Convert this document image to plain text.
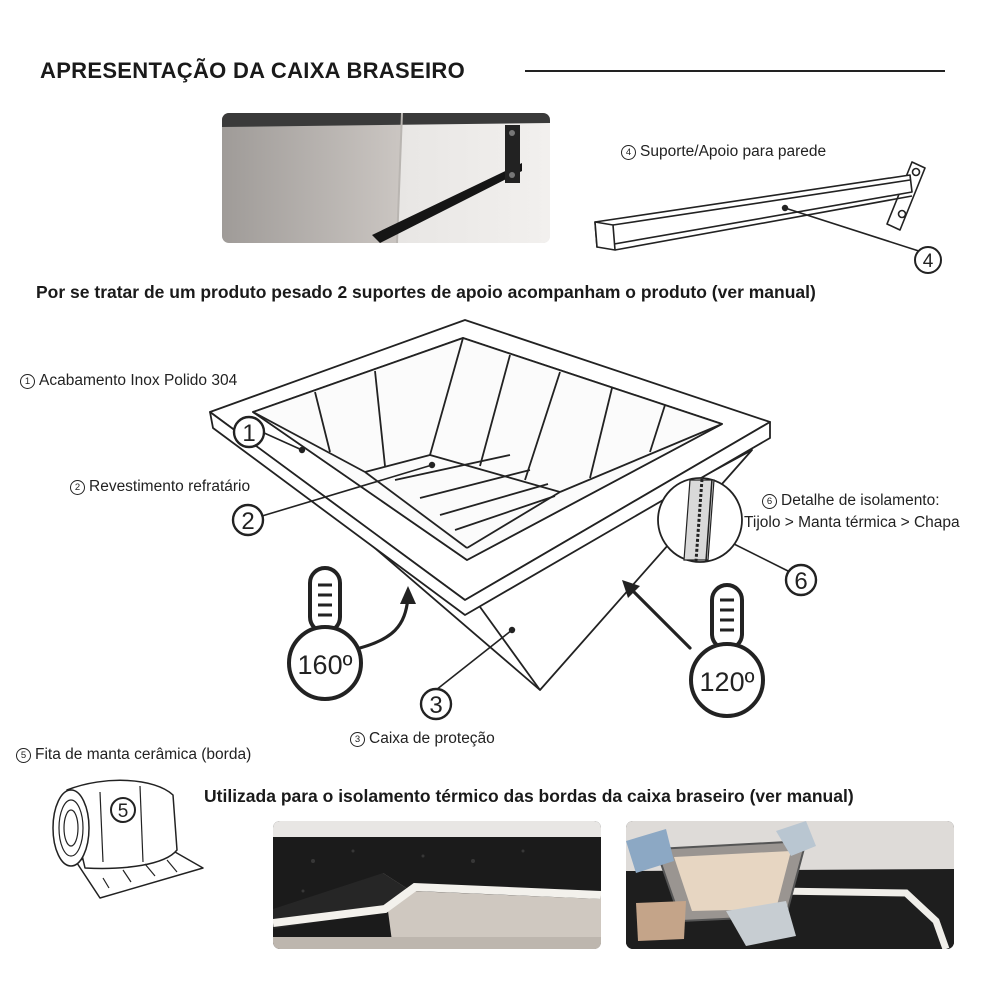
APRESENTAÇÃO DA CAIXA BRASEIRO
4 Suporte/Apoio para parede
4
Por se tratar de um produto pesado 2 suportes de apoio acompanham o produto (ver manual)
1 Acabamento Inox Polido 304
2 Revestimento refratário
6 Detalhe de isolamento:
Tijolo > Manta térmica > Chapa
3 Caixa de proteção
160º
120º
1
2
3
6
5 Fita de manta cerâmica (borda)
5
Utilizada para o isolamento térmico das bordas da caixa braseiro (ver manual)
